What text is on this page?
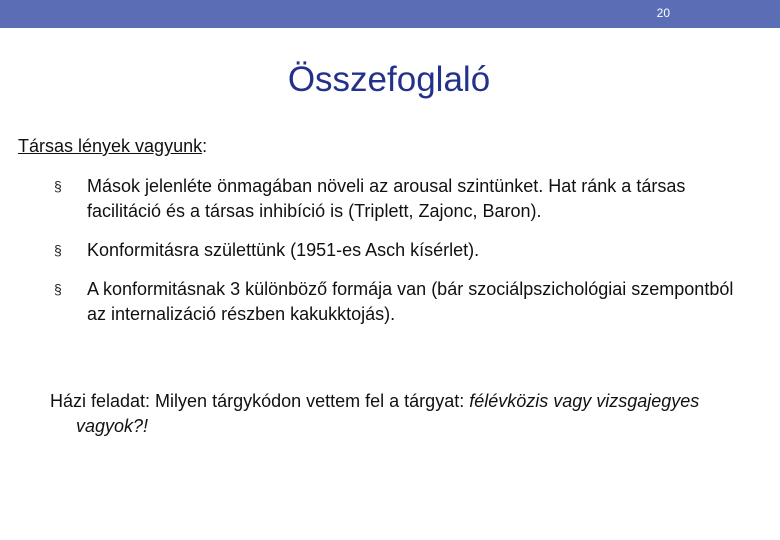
20
Összefoglaló
Társas lények vagyunk:
§ Mások jelenléte önmagában növeli az arousal szintünket. Hat ránk a társas facilitáció és a társas inhibíció is (Triplett, Zajonc, Baron).
§ Konformitásra születtünk (1951-es Asch kísérlet).
§ A konformitásnak 3 különböző formája van (bár szociálpszichológiai szempontból az internalizáció részben kakukktojás).
Házi feladat: Milyen tárgykódon vettem fel a tárgyat: félévközis vagy vizsgajegyes vagyok?!
